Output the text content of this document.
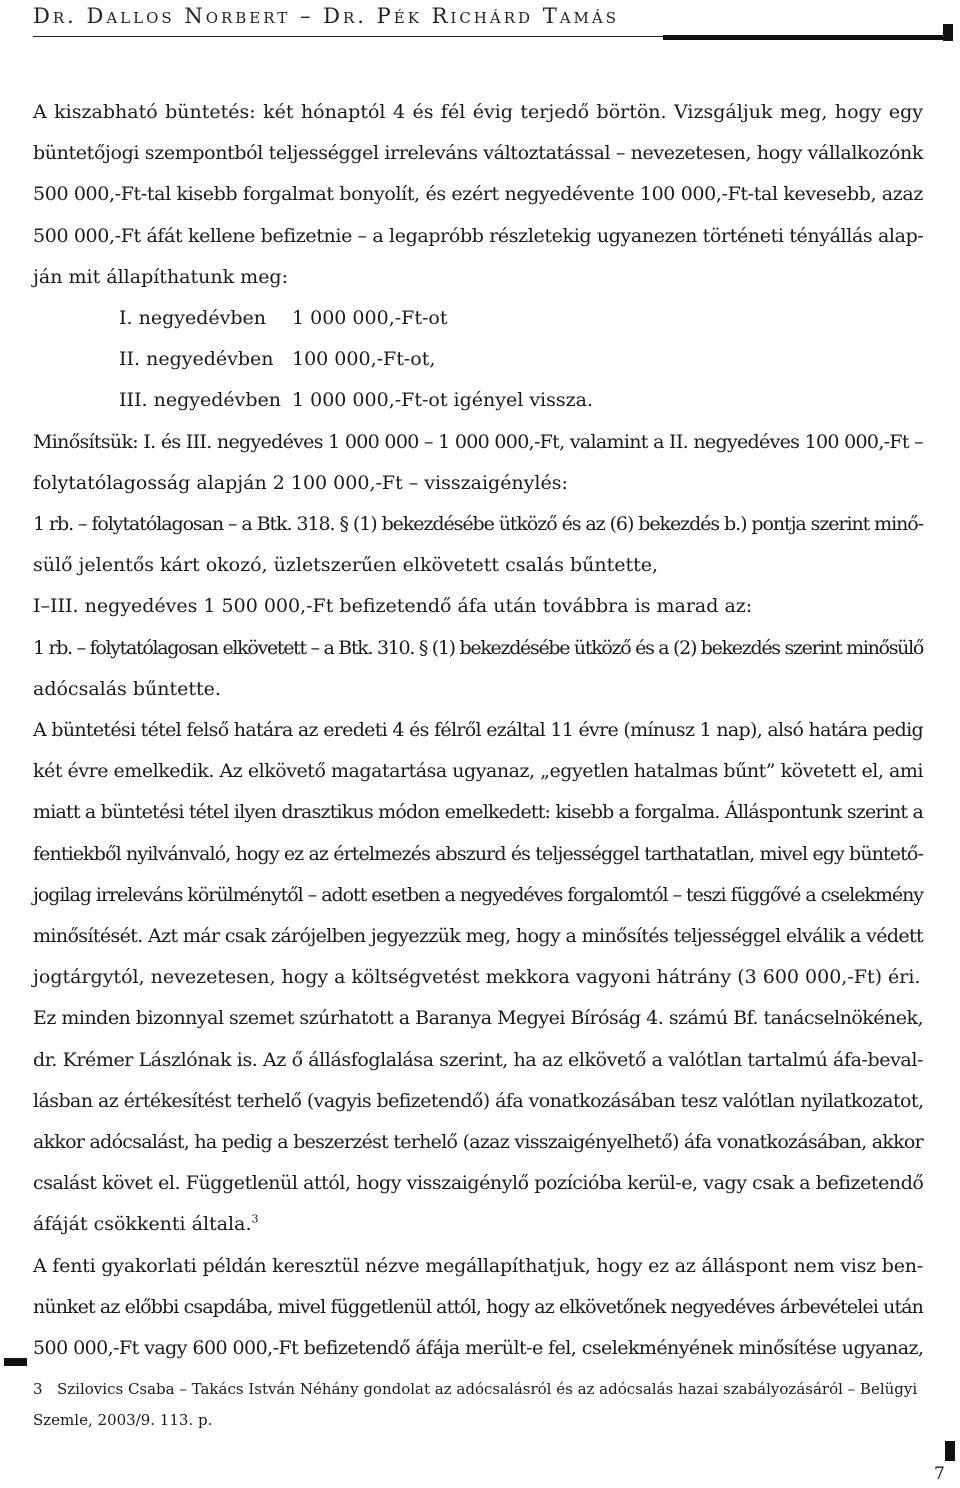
Dr. Dallos Norbert – Dr. Pék Richárd Tamás
A kiszabható büntetés: két hónaptól 4 és fél évig terjedő börtön. Vizsgáljuk meg, hogy egy
büntetőjogi szempontból teljességgel irreleváns változtatással – nevezetesen, hogy vállalkozónk
500 000,-Ft-tal kisebb forgalmat bonyolít, és ezért negyedévente 100 000,-Ft-tal kevesebb, azaz
500 000,-Ft áfát kellene befizetnie – a legapróbb részletekig ugyanezen történeti tényállás alap-
ján mit állapíthatunk meg:
I. negyedévben 1 000 000,-Ft-ot
II. negyedévben 100 000,-Ft-ot,
III. negyedévben 1 000 000,-Ft-ot igényel vissza.
Minősítsük: I. és III. negyedéves 1 000 000 – 1 000 000,-Ft, valamint a II. negyedéves 100 000,-Ft –
folytatólagosság alapján 2 100 000,-Ft – visszaigénylés:
1 rb. – folytatólagosan – a Btk. 318. § (1) bekezdésébe ütköző és az (6) bekezdés b.) pontja szerint minő-
sülő jelentős kárt okozó, üzletszerűen elkövetett csalás bűntette,
I–III. negyedéves 1 500 000,-Ft befizetendő áfa után továbbra is marad az:
1 rb. – folytatólagosan elkövetett – a Btk. 310. § (1) bekezdésébe ütköző és a (2) bekezdés szerint minősülő
adócsalás bűntette.
A büntetési tétel felső határa az eredeti 4 és félről ezáltal 11 évre (mínusz 1 nap), alsó határa pedig
két évre emelkedik. Az elkövető magatartása ugyanaz, „egyetlen hatalmas bűnt” követett el, ami
miatt a büntetési tétel ilyen drasztikus módon emelkedett: kisebb a forgalma. Álláspontunk szerint a
fentiekből nyilvánvaló, hogy ez az értelmezés abszurd és teljességgel tarthatatlan, mivel egy büntető-
jogilag irreleváns körülménytől – adott esetben a negyedéves forgalomtól – teszi függővé a cselekmény
minősítését. Azt már csak zárójelben jegyezzük meg, hogy a minősítés teljességgel elválik a védett
jogtárgytól, nevezetesen, hogy a költségvetést mekkora vagyoni hátrány (3 600 000,-Ft) éri.
Ez minden bizonnyal szemet szúrhatott a Baranya Megyei Bíróság 4. számú Bf. tanácselnökének,
dr. Krémer Lászlónak is. Az ő állásfoglalása szerint, ha az elkövető a valótlan tartalmú áfa-beval-
lásban az értékesítést terhelő (vagyis befizetendő) áfa vonatkozásában tesz valótlan nyilatkozatot,
akkor adócsalást, ha pedig a beszerzést terhelő (azaz visszaigényelhető) áfa vonatkozásában, akkor
csalást követ el. Függetlenül attól, hogy visszaigénylő pozícióba kerül-e, vagy csak a befizetendő
áfáját csökkenti általa.$^3$
A fenti gyakorlati példán keresztül nézve megállapíthatjuk, hogy ez az álláspont nem visz ben-
nünket az előbbi csapdába, mivel függetlenül attól, hogy az elkövetőnek negyedéves árbevételei után
500 000,-Ft vagy 600 000,-Ft befizetendő áfája merült-e fel, cselekményének minősítése ugyanaz,
3 Szilovics Csaba – Takács István Néhány gondolat az adócsalásról és az adócsalás hazai szabályozásáról – Belügyi
Szemle, 2003/9. 113. p.
7
